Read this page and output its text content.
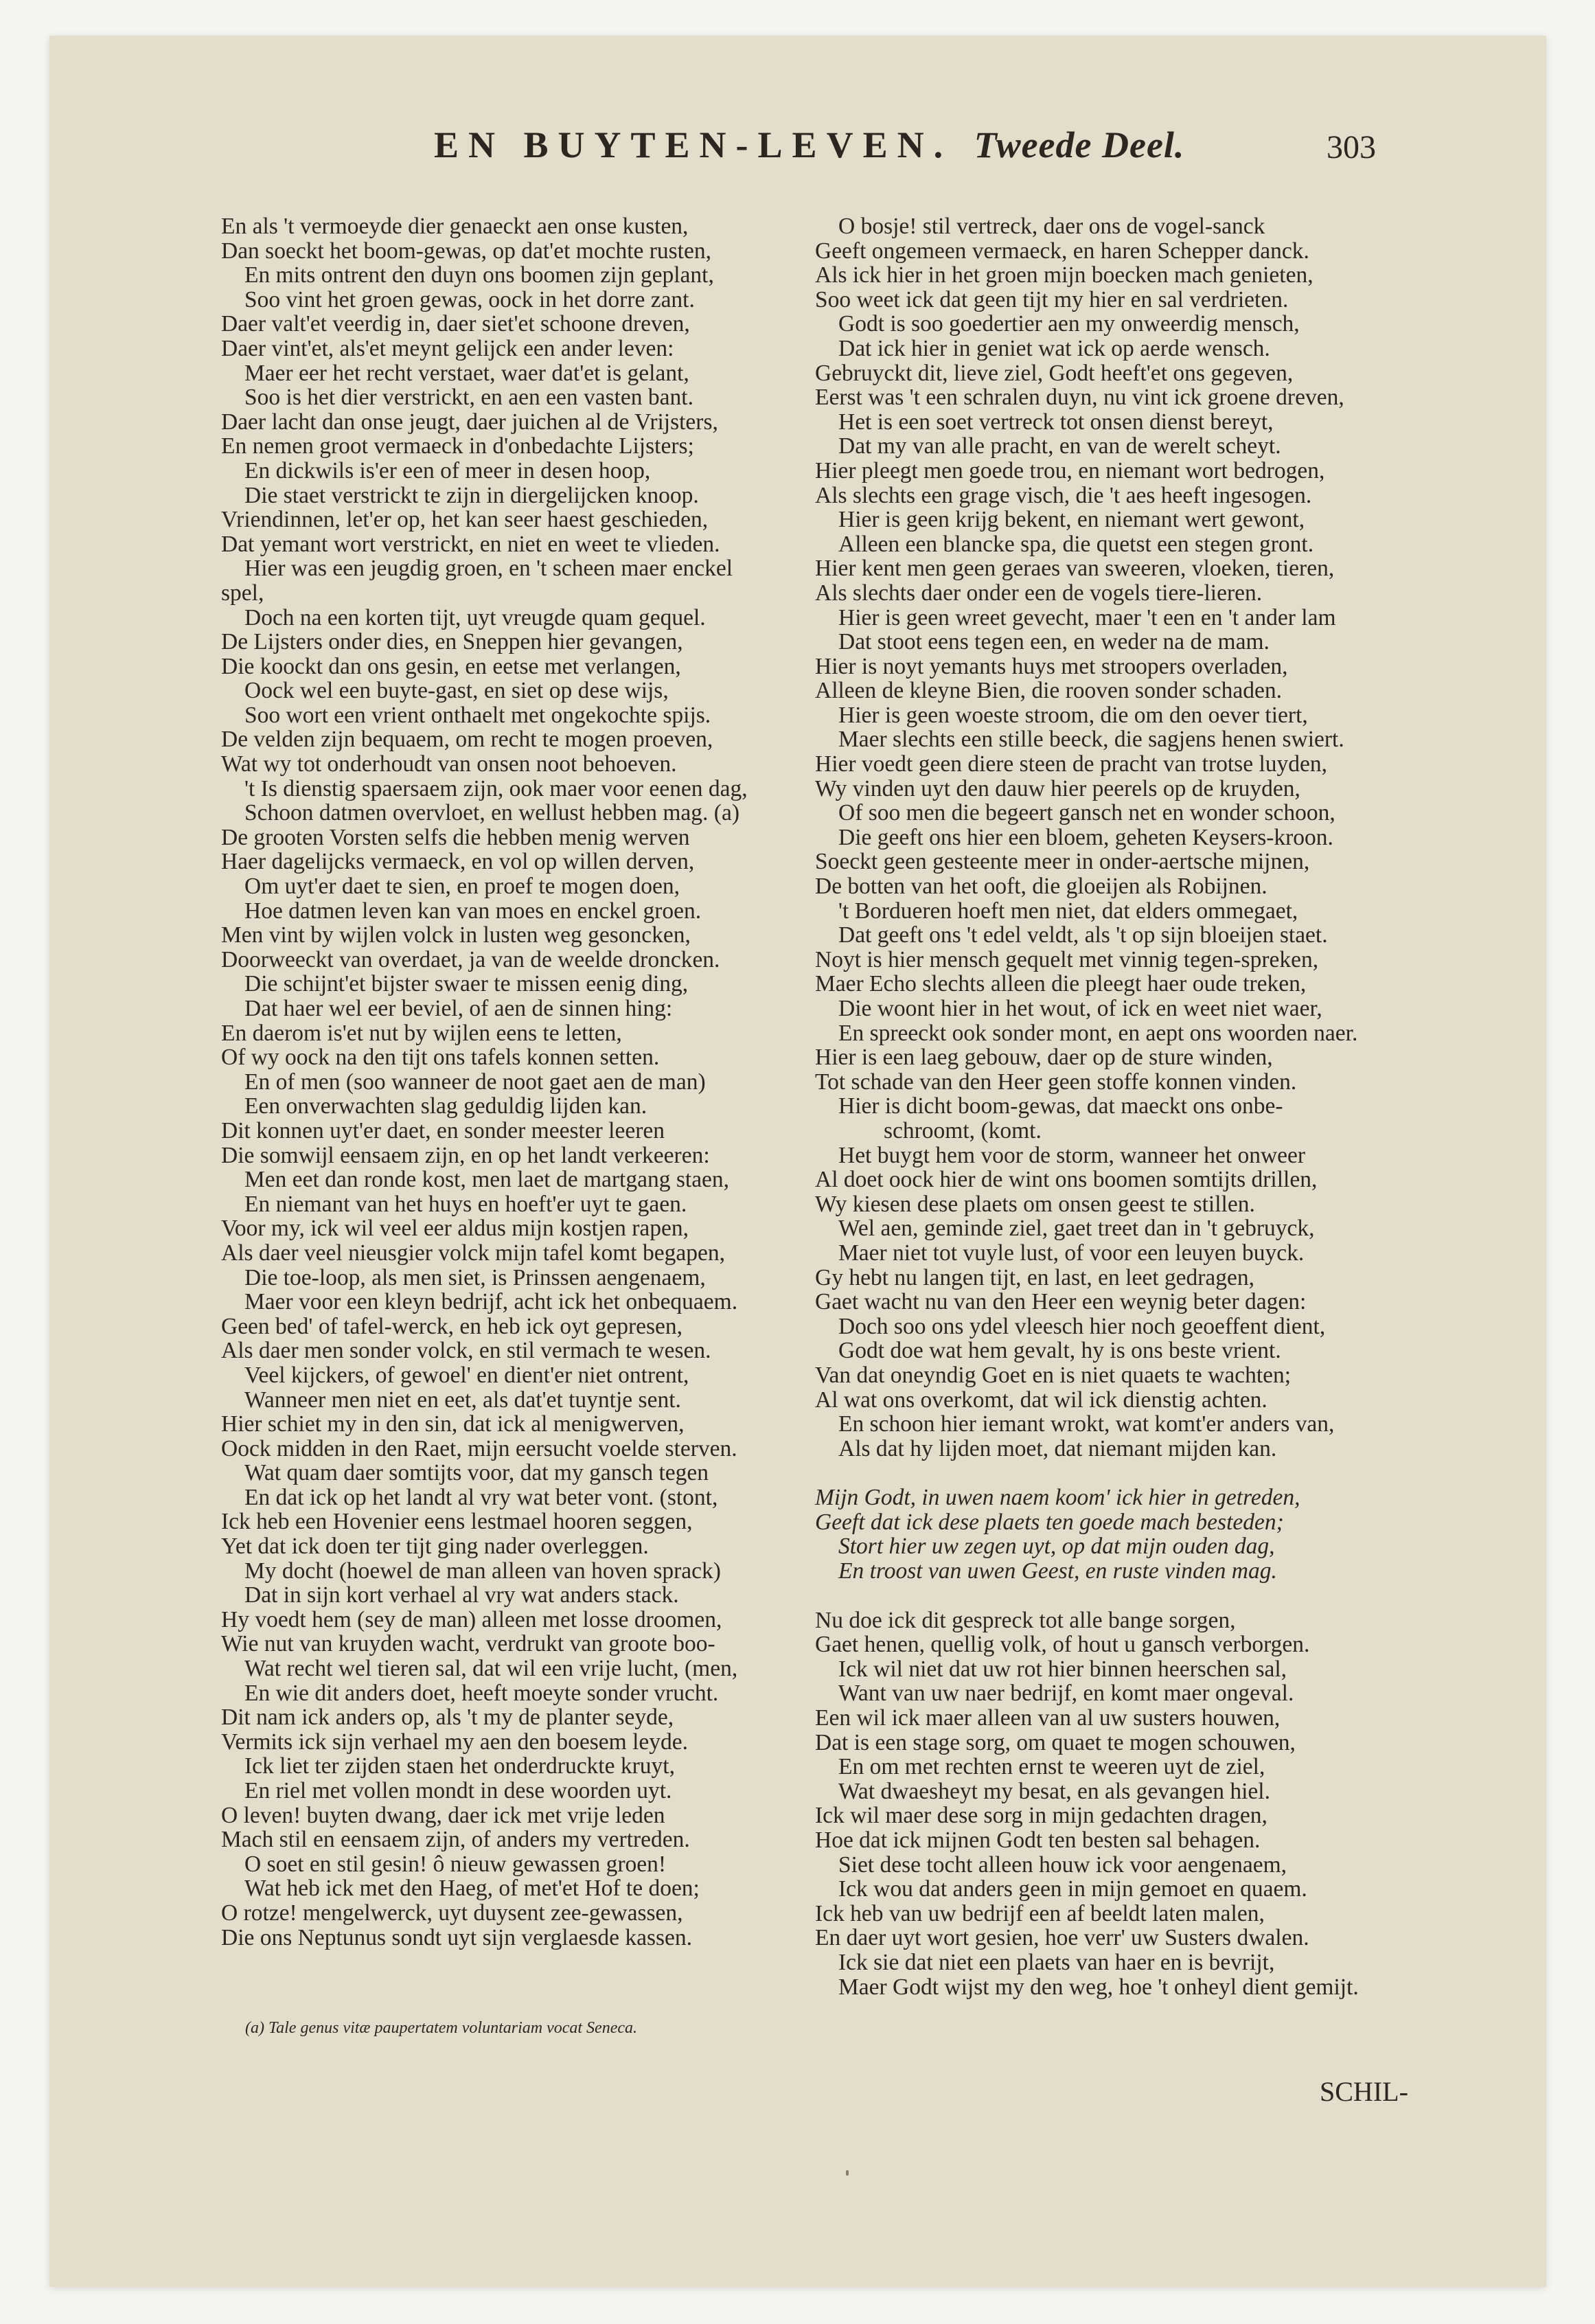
EN BUYTEN-LEVEN. Tweede Deel.	303
En als 't vermoeyde dier genaeckt aen onse kusten,
Dan soeckt het boom-gewas, op dat'et mochte rusten,
En mits ontrent den duyn ons boomen zijn geplant,
Soo vint het groen gewas, oock in het dorre zant.
Daer valt'et veerdig in, daer siet'et schoone dreven,
Daer vint'et, als'et meynt gelijck een ander leven:
Maer eer het recht verstaet, waer dat'et is gelant,
Soo is het dier verstrickt, en aen een vasten bant.
Daer lacht dan onse jeugt, daer juichen al de Vrijsters,
En nemen groot vermaeck in d'onbedachte Lijsters;
En dickwils is'er een of meer in desen hoop,
Die staet verstrickt te zijn in diergelijcken knoop.
Vriendinnen, let'er op, het kan seer haest geschieden,
Dat yemant wort verstrickt, en niet en weet te vlieden.
Hier was een jeugdig groen, en 't scheen maer enckel
spel,
Doch na een korten tijt, uyt vreugde quam gequel.
De Lijsters onder dies, en Sneppen hier gevangen,
Die koockt dan ons gesin, en eetse met verlangen,
Oock wel een buyte-gast, en siet op dese wijs,
Soo wort een vrient onthaelt met ongekochte spijs.
De velden zijn bequaem, om recht te mogen proeven,
Wat wy tot onderhoudt van onsen noot behoeven.
't Is dienstig spaersaem zijn, ook maer voor eenen dag,
Schoon datmen overvloet, en wellust hebben mag. (a)
De grooten Vorsten selfs die hebben menig werven
Haer dagelijcks vermaeck, en vol op willen derven,
Om uyt'er daet te sien, en proef te mogen doen,
Hoe datmen leven kan van moes en enckel groen.
Men vint by wijlen volck in lusten weg gesoncken,
Doorweeckt van overdaet, ja van de weelde droncken.
Die schijnt'et bijster swaer te missen eenig ding,
Dat haer wel eer beviel, of aen de sinnen hing:
En daerom is'et nut by wijlen eens te letten,
Of wy oock na den tijt ons tafels konnen setten.
En of men (soo wanneer de noot gaet aen de man)
Een onverwachten slag geduldig lijden kan.
Dit konnen uyt'er daet, en sonder meester leeren
Die somwijl eensaem zijn, en op het landt verkeeren:
Men eet dan ronde kost, men laet de martgang staen,
En niemant van het huys en hoeft'er uyt te gaen.
Voor my, ick wil veel eer aldus mijn kostjen rapen,
Als daer veel nieusgier volck mijn tafel komt begapen,
Die toe-loop, als men siet, is Prinssen aengenaem,
Maer voor een kleyn bedrijf, acht ick het onbequaem.
Geen bed' of tafel-werck, en heb ick oyt gepresen,
Als daer men sonder volck, en stil vermach te wesen.
Veel kijckers, of gewoel' en dient'er niet ontrent,
Wanneer men niet en eet, als dat'et tuyntje sent.
Hier schiet my in den sin, dat ick al menigwerven,
Oock midden in den Raet, mijn eersucht voelde sterven.
Wat quam daer somtijts voor, dat my gansch tegen
En dat ick op het landt al vry wat beter vont. (stont,
Ick heb een Hovenier eens lestmael hooren seggen,
Yet dat ick doen ter tijt ging nader overleggen.
My docht (hoewel de man alleen van hoven sprack)
Dat in sijn kort verhael al vry wat anders stack.
Hy voedt hem (sey de man) alleen met losse droomen,
Wie nut van kruyden wacht, verdrukt van groote boo-
Wat recht wel tieren sal, dat wil een vrije lucht, (men,
En wie dit anders doet, heeft moeyte sonder vrucht.
Dit nam ick anders op, als 't my de planter seyde,
Vermits ick sijn verhael my aen den boesem leyde.
Ick liet ter zijden staen het onderdruckte kruyt,
En riel met vollen mondt in dese woorden uyt.
O leven! buyten dwang, daer ick met vrije leden
Mach stil en eensaem zijn, of anders my vertreden.
O soet en stil gesin! ô nieuw gewassen groen!
Wat heb ick met den Haeg, of met'et Hof te doen;
O rotze! mengelwerck, uyt duysent zee-gewassen,
Die ons Neptunus sondt uyt sijn verglaesde kassen.
O bosje! stil vertreck, daer ons de vogel-sanck
Geeft ongemeen vermaeck, en haren Schepper danck.
Als ick hier in het groen mijn boecken mach genieten,
Soo weet ick dat geen tijt my hier en sal verdrieten.
Godt is soo goedertier aen my onweerdig mensch,
Dat ick hier in geniet wat ick op aerde wensch.
Gebruyckt dit, lieve ziel, Godt heeft'et ons gegeven,
Eerst was 't een schralen duyn, nu vint ick groene dreven,
Het is een soet vertreck tot onsen dienst bereyt,
Dat my van alle pracht, en van de werelt scheyt.
Hier pleegt men goede trou, en niemant wort bedrogen,
Als slechts een grage visch, die 't aes heeft ingesogen.
Hier is geen krijg bekent, en niemant wert gewont,
Alleen een blancke spa, die quetst een stegen gront.
Hier kent men geen geraes van sweeren, vloeken, tieren,
Als slechts daer onder een de vogels tiere-lieren.
Hier is geen wreet gevecht, maer 't een en 't ander lam
Dat stoot eens tegen een, en weder na de mam.
Hier is noyt yemants huys met stroopers overladen,
Alleen de kleyne Bien, die rooven sonder schaden.
Hier is geen woeste stroom, die om den oever tiert,
Maer slechts een stille beeck, die sagjens henen swiert.
Hier voedt geen diere steen de pracht van trotse luyden,
Wy vinden uyt den dauw hier peerels op de kruyden,
Of soo men die begeert gansch net en wonder schoon,
Die geeft ons hier een bloem, geheten Keysers-kroon.
Soeckt geen gesteente meer in onder-aertsche mijnen,
De botten van het ooft, die gloeijen als Robijnen.
't Bordueren hoeft men niet, dat elders ommegaet,
Dat geeft ons 't edel veldt, als 't op sijn bloeijen staet.
Noyt is hier mensch gequelt met vinnig tegen-spreken,
Maer Echo slechts alleen die pleegt haer oude treken,
Die woont hier in het wout, of ick en weet niet waer,
En spreeckt ook sonder mont, en aept ons woorden naer.
Hier is een laeg gebouw, daer op de sture winden,
Tot schade van den Heer geen stoffe konnen vinden.
Hier is dicht boom-gewas, dat maeckt ons onbe-
schroomt, (komt.
Het buygt hem voor de storm, wanneer het onweer
Al doet oock hier de wint ons boomen somtijts drillen,
Wy kiesen dese plaets om onsen geest te stillen.
Wel aen, geminde ziel, gaet treet dan in 't gebruyck,
Maer niet tot vuyle lust, of voor een leuyen buyck.
Gy hebt nu langen tijt, en last, en leet gedragen,
Gaet wacht nu van den Heer een weynig beter dagen:
Doch soo ons ydel vleesch hier noch geoeffent dient,
Godt doe wat hem gevalt, hy is ons beste vrient.
Van dat oneyndig Goet en is niet quaets te wachten;
Al wat ons overkomt, dat wil ick dienstig achten.
En schoon hier iemant wrokt, wat komt'er anders van,
Als dat hy lijden moet, dat niemant mijden kan.
Mijn Godt, in uwen naem koom' ick hier in getreden,
Geeft dat ick dese plaets ten goede mach besteden;
Stort hier uw zegen uyt, op dat mijn ouden dag,
En troost van uwen Geest, en ruste vinden mag.
Nu doe ick dit gespreck tot alle bange sorgen,
Gaet henen, quellig volk, of hout u gansch verborgen.
Ick wil niet dat uw rot hier binnen heerschen sal,
Want van uw naer bedrijf, en komt maer ongeval.
Een wil ick maer alleen van al uw susters houwen,
Dat is een stage sorg, om quaet te mogen schouwen,
En om met rechten ernst te weeren uyt de ziel,
Wat dwaesheyt my besat, en als gevangen hiel.
Ick wil maer dese sorg in mijn gedachten dragen,
Hoe dat ick mijnen Godt ten besten sal behagen.
Siet dese tocht alleen houw ick voor aengenaem,
Ick wou dat anders geen in mijn gemoet en quaem.
Ick heb van uw bedrijf een af beeldt laten malen,
En daer uyt wort gesien, hoe verr' uw Susters dwalen.
Ick sie dat niet een plaets van haer en is bevrijt,
Maer Godt wijst my den weg, hoe 't onheyl dient gemijt.
(a) Tale genus vitæ paupertatem voluntariam vocat Seneca.
SCHIL-
